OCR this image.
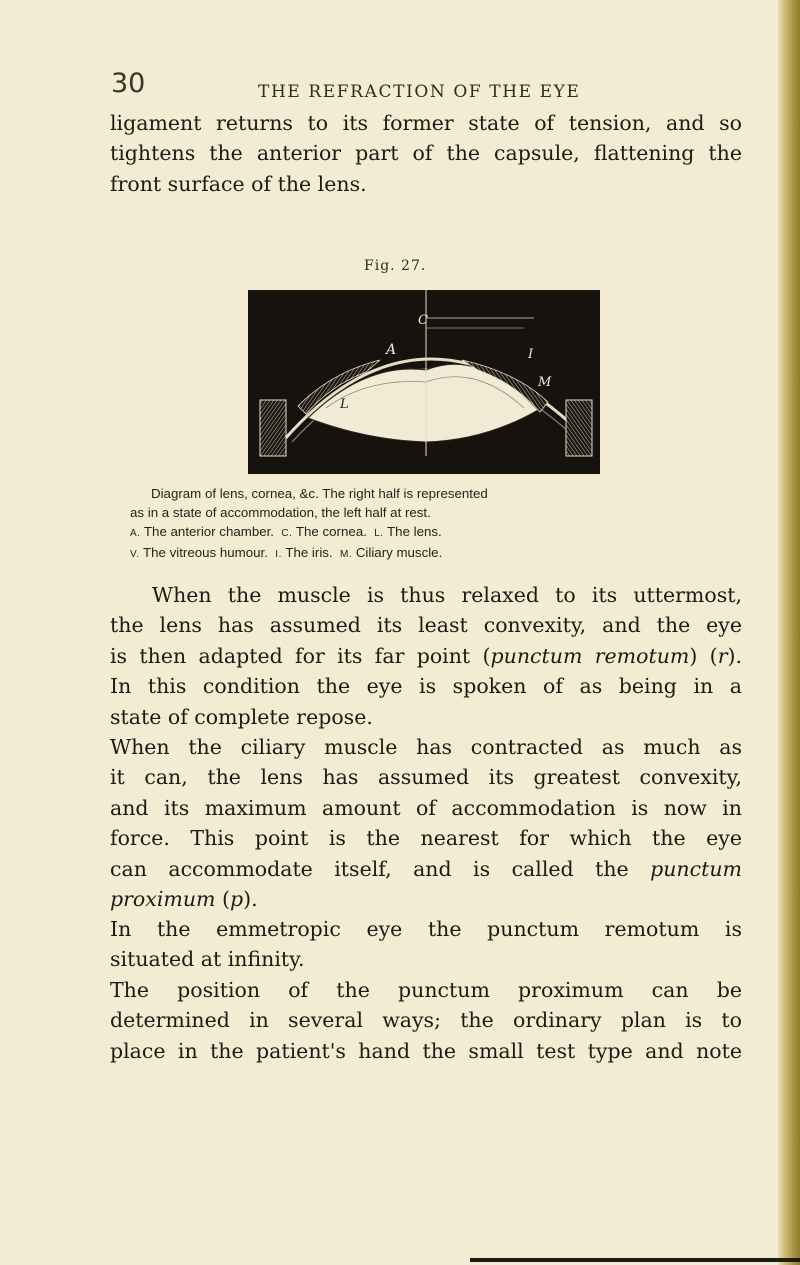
30	THE REFRACTION OF THE EYE

ligament returns to its former state of tension, and so
tightens the anterior part of the capsule, flattening the
front surface of the lens.

Fig. 27.
C
A
L
V
I
M

Diagram of lens, cornea, &c. The right half is represented
as in a state of accommodation, the left half at rest.
A. The anterior chamber. C. The cornea. L. The lens.
V. The vitreous humour. I. The iris. M. Ciliary muscle.

When the muscle is thus relaxed to its uttermost,
the lens has assumed its least convexity, and the eye
is then adapted for its far point (punctum remotum) (r).
In this condition the eye is spoken of as being in a
state of complete repose.

When the ciliary muscle has contracted as much as
it can, the lens has assumed its greatest convexity,
and its maximum amount of accommodation is now in
force. This point is the nearest for which the eye
can accommodate itself, and is called the punctum
proximum (p).

In the emmetropic eye the punctum remotum is
situated at infinity.

The position of the punctum proximum can be
determined in several ways; the ordinary plan is to
place in the patient's hand the small test type and note
